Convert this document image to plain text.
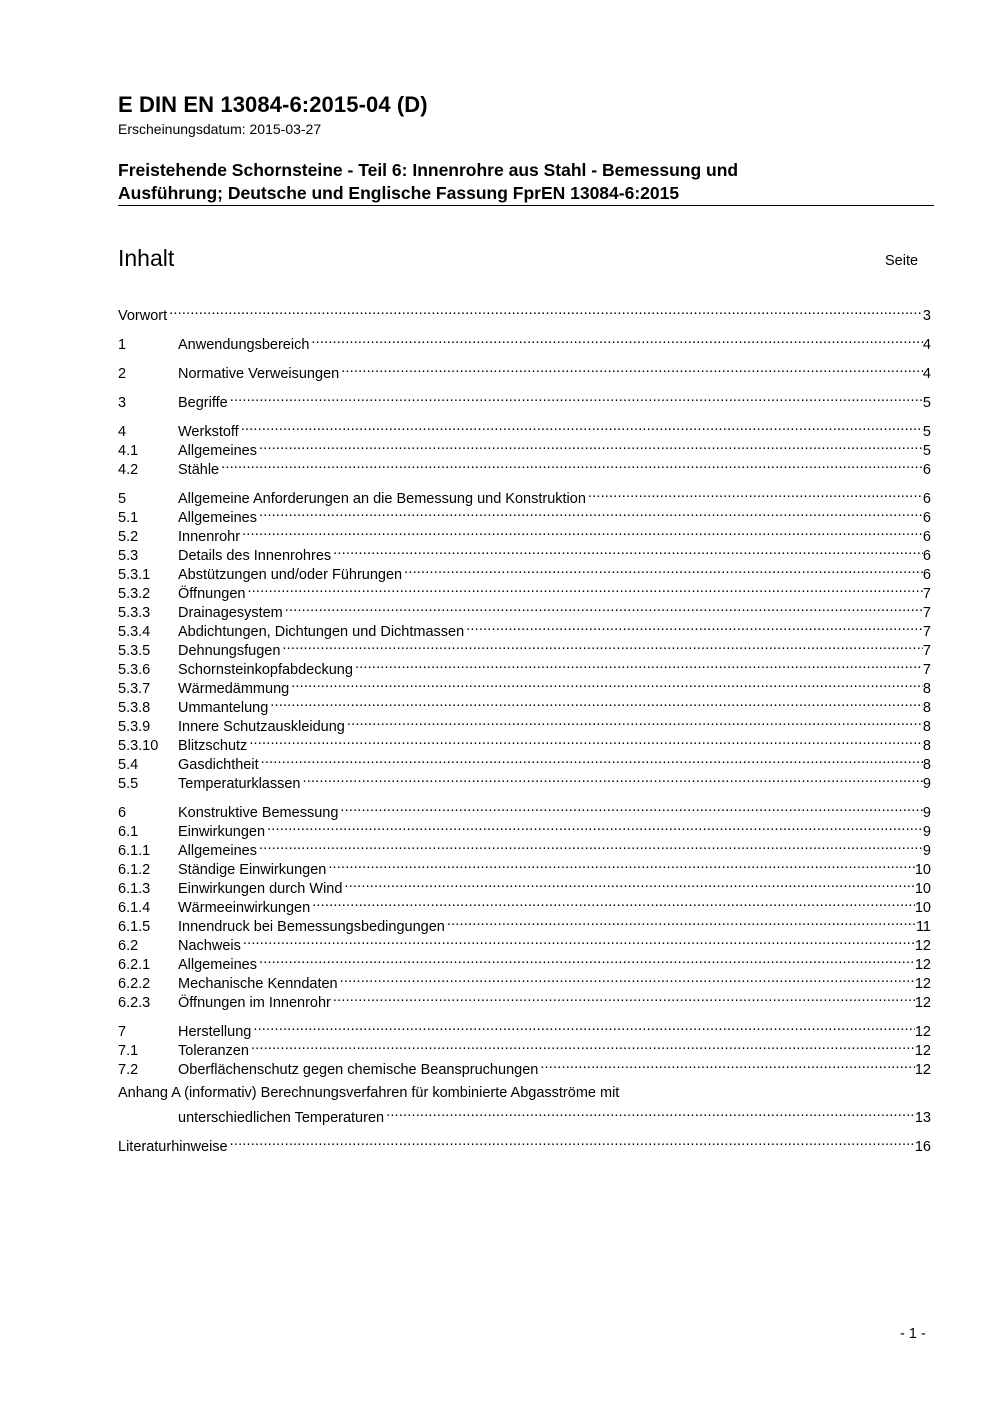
E DIN EN 13084-6:2015-04 (D)
Erscheinungsdatum: 2015-03-27
Freistehende Schornsteine - Teil 6: Innenrohre aus Stahl - Bemessung und
Ausführung; Deutsche und Englische Fassung FprEN 13084-6:2015
Inhalt	Seite
Vorwort .....	3
1	Anwendungsbereich .....	4
2	Normative Verweisungen .....	4
3	Begriffe .....	5
4	Werkstoff .....	5
4.1	Allgemeines .....	5
4.2	Stähle .....	6
5	Allgemeine Anforderungen an die Bemessung und Konstruktion .....	6
5.1	Allgemeines .....	6
5.2	Innenrohr .....	6
5.3	Details des Innenrohres .....	6
5.3.1	Abstützungen und/oder Führungen .....	6
5.3.2	Öffnungen .....	7
5.3.3	Drainagesystem .....	7
5.3.4	Abdichtungen, Dichtungen und Dichtmassen .....	7
5.3.5	Dehnungsfugen .....	7
5.3.6	Schornsteinkopfabdeckung .....	7
5.3.7	Wärmedämmung .....	8
5.3.8	Ummantelung .....	8
5.3.9	Innere Schutzauskleidung .....	8
5.3.10	Blitzschutz .....	8
5.4	Gasdichtheit .....	8
5.5	Temperaturklassen .....	9
6	Konstruktive Bemessung .....	9
6.1	Einwirkungen .....	9
6.1.1	Allgemeines .....	9
6.1.2	Ständige Einwirkungen .....	10
6.1.3	Einwirkungen durch Wind .....	10
6.1.4	Wärmeeinwirkungen .....	10
6.1.5	Innendruck bei Bemessungsbedingungen .....	11
6.2	Nachweis .....	12
6.2.1	Allgemeines .....	12
6.2.2	Mechanische Kenndaten .....	12
6.2.3	Öffnungen im Innenrohr .....	12
7	Herstellung .....	12
7.1	Toleranzen .....	12
7.2	Oberflächenschutz gegen chemische Beanspruchungen .....	12
Anhang A (informativ) Berechnungsverfahren für kombinierte Abgasströme mit
unterschiedlichen Temperaturen .....	13
Literaturhinweise .....	16
- 1 -
